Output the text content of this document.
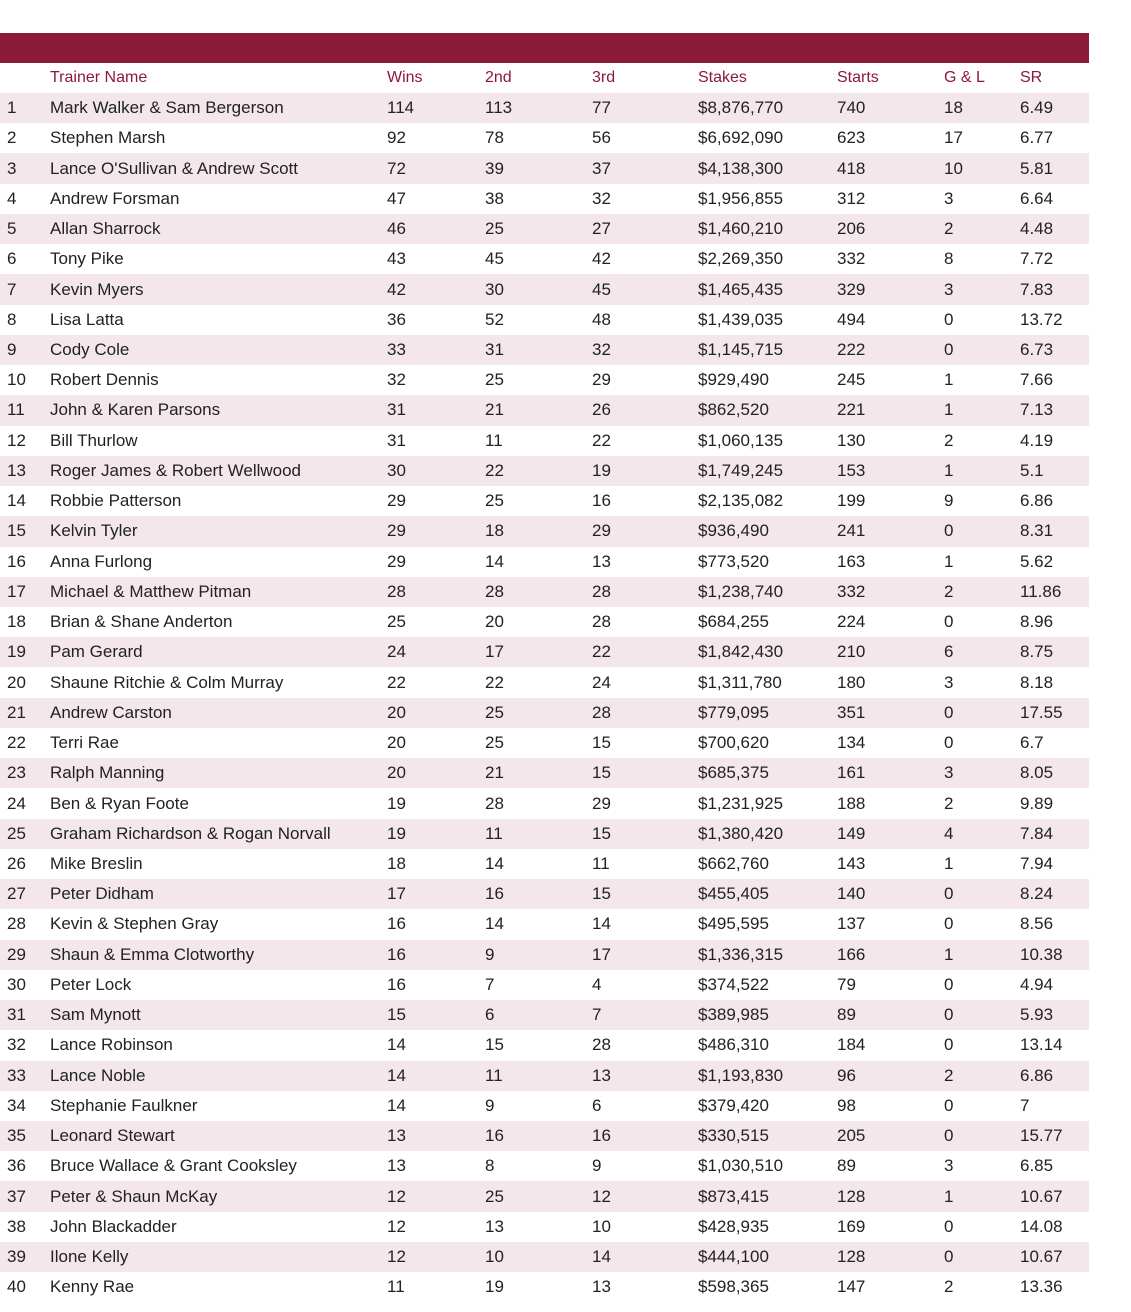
	Trainer Name	Wins	2nd	3rd	Stakes	Starts	G & L	SR
1	Mark Walker & Sam Bergerson	114	113	77	$8,876,770	740	18	6.49
2	Stephen Marsh	92	78	56	$6,692,090	623	17	6.77
3	Lance O'Sullivan & Andrew Scott	72	39	37	$4,138,300	418	10	5.81
4	Andrew Forsman	47	38	32	$1,956,855	312	3	6.64
5	Allan Sharrock	46	25	27	$1,460,210	206	2	4.48
6	Tony Pike	43	45	42	$2,269,350	332	8	7.72
7	Kevin Myers	42	30	45	$1,465,435	329	3	7.83
8	Lisa Latta	36	52	48	$1,439,035	494	0	13.72
9	Cody Cole	33	31	32	$1,145,715	222	0	6.73
10	Robert Dennis	32	25	29	$929,490	245	1	7.66
11	John & Karen Parsons	31	21	26	$862,520	221	1	7.13
12	Bill Thurlow	31	11	22	$1,060,135	130	2	4.19
13	Roger James & Robert Wellwood	30	22	19	$1,749,245	153	1	5.1
14	Robbie Patterson	29	25	16	$2,135,082	199	9	6.86
15	Kelvin Tyler	29	18	29	$936,490	241	0	8.31
16	Anna Furlong	29	14	13	$773,520	163	1	5.62
17	Michael & Matthew Pitman	28	28	28	$1,238,740	332	2	11.86
18	Brian & Shane Anderton	25	20	28	$684,255	224	0	8.96
19	Pam Gerard	24	17	22	$1,842,430	210	6	8.75
20	Shaune Ritchie & Colm Murray	22	22	24	$1,311,780	180	3	8.18
21	Andrew Carston	20	25	28	$779,095	351	0	17.55
22	Terri Rae	20	25	15	$700,620	134	0	6.7
23	Ralph Manning	20	21	15	$685,375	161	3	8.05
24	Ben & Ryan Foote	19	28	29	$1,231,925	188	2	9.89
25	Graham Richardson & Rogan Norvall	19	11	15	$1,380,420	149	4	7.84
26	Mike Breslin	18	14	11	$662,760	143	1	7.94
27	Peter Didham	17	16	15	$455,405	140	0	8.24
28	Kevin & Stephen Gray	16	14	14	$495,595	137	0	8.56
29	Shaun & Emma Clotworthy	16	9	17	$1,336,315	166	1	10.38
30	Peter Lock	16	7	4	$374,522	79	0	4.94
31	Sam Mynott	15	6	7	$389,985	89	0	5.93
32	Lance Robinson	14	15	28	$486,310	184	0	13.14
33	Lance Noble	14	11	13	$1,193,830	96	2	6.86
34	Stephanie Faulkner	14	9	6	$379,420	98	0	7
35	Leonard Stewart	13	16	16	$330,515	205	0	15.77
36	Bruce Wallace & Grant Cooksley	13	8	9	$1,030,510	89	3	6.85
37	Peter & Shaun McKay	12	25	12	$873,415	128	1	10.67
38	John Blackadder	12	13	10	$428,935	169	0	14.08
39	Ilone Kelly	12	10	14	$444,100	128	0	10.67
40	Kenny Rae	11	19	13	$598,365	147	2	13.36
